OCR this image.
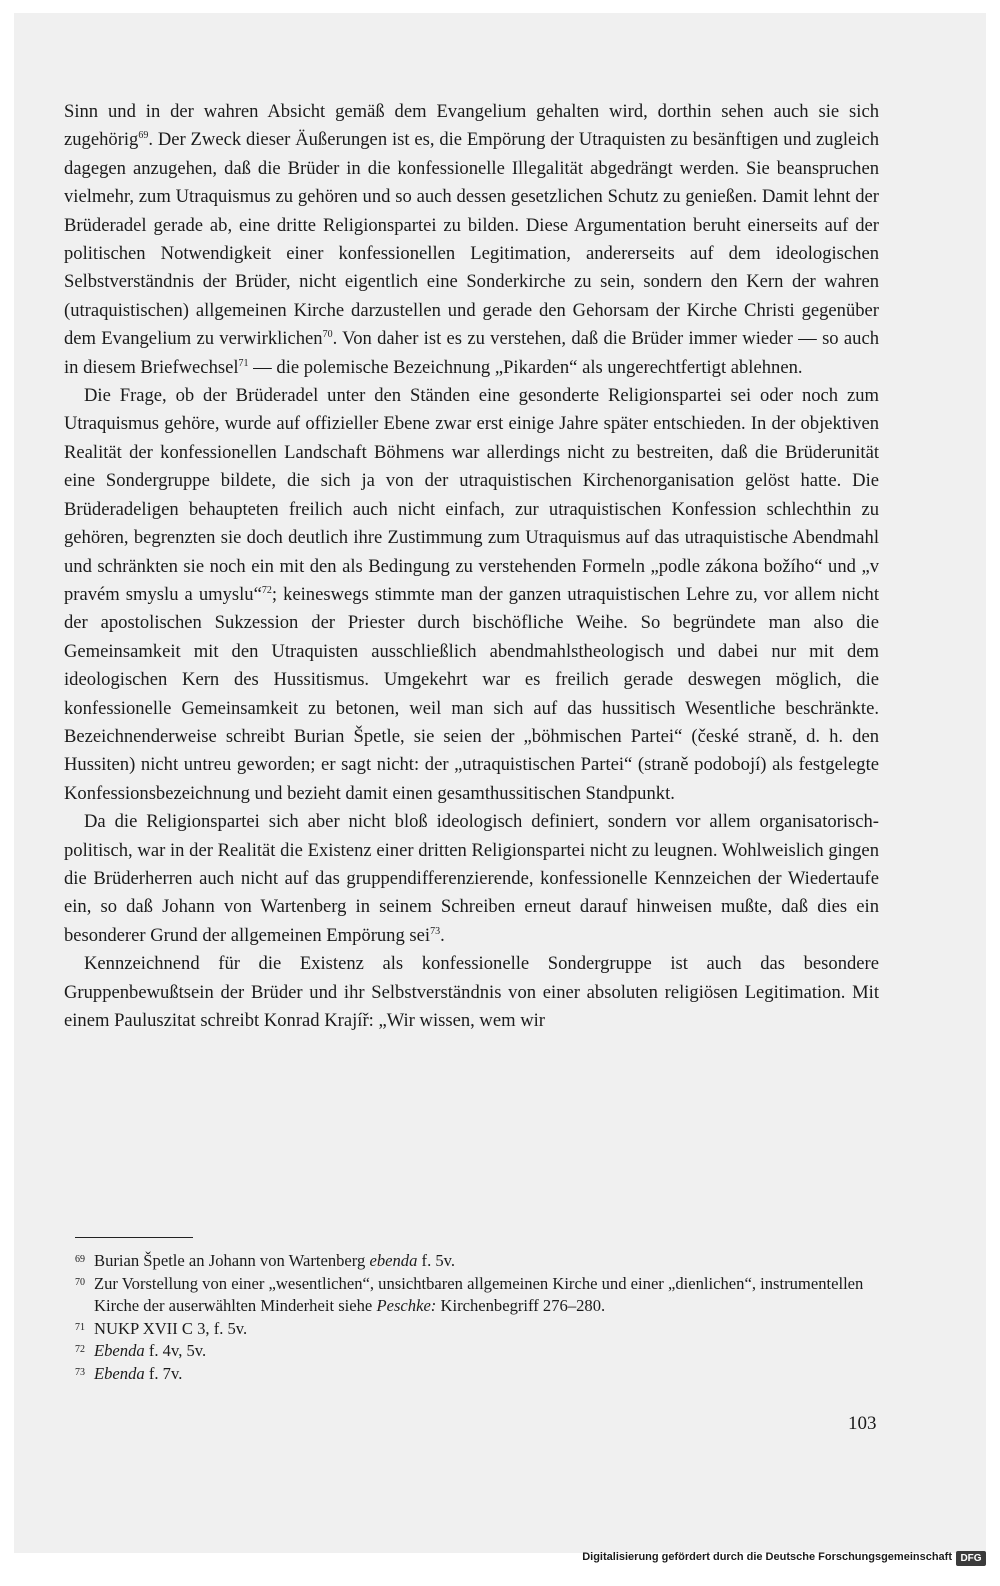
Sinn und in der wahren Absicht gemäß dem Evangelium gehalten wird, dorthin sehen auch sie sich zugehörig$^{69}$. Der Zweck dieser Äußerungen ist es, die Empörung der Utraquisten zu besänftigen und zugleich dagegen anzugehen, daß die Brüder in die konfessionelle Illegalität abgedrängt werden. Sie beanspruchen vielmehr, zum Utraquismus zu gehören und so auch dessen gesetzlichen Schutz zu genießen. Damit lehnt der Brüderadel gerade ab, eine dritte Religionspartei zu bilden. Diese Argumentation beruht einerseits auf der politischen Notwendigkeit einer konfessionellen Legitimation, andererseits auf dem ideologischen Selbstverständnis der Brüder, nicht eigentlich eine Sonderkirche zu sein, sondern den Kern der wahren (utraquistischen) allgemeinen Kirche darzustellen und gerade den Gehorsam der Kirche Christi gegenüber dem Evangelium zu verwirklichen$^{70}$. Von daher ist es zu verstehen, daß die Brüder immer wieder — so auch in diesem Briefwechsel$^{71}$ — die polemische Bezeichnung „Pikarden“ als ungerechtfertigt ablehnen.

Die Frage, ob der Brüderadel unter den Ständen eine gesonderte Religionspartei sei oder noch zum Utraquismus gehöre, wurde auf offizieller Ebene zwar erst einige Jahre später entschieden. In der objektiven Realität der konfessionellen Landschaft Böhmens war allerdings nicht zu bestreiten, daß die Brüderunität eine Sondergruppe bildete, die sich ja von der utraquistischen Kirchenorganisation gelöst hatte. Die Brüderadeligen behaupteten freilich auch nicht einfach, zur utraquistischen Konfession schlechthin zu gehören, begrenzten sie doch deutlich ihre Zustimmung zum Utraquismus auf das utraquistische Abendmahl und schränkten sie noch ein mit den als Bedingung zu verstehenden Formeln „podle zákona božího“ und „v pravém smyslu a umyslu“$^{72}$; keineswegs stimmte man der ganzen utraquistischen Lehre zu, vor allem nicht der apostolischen Sukzession der Priester durch bischöfliche Weihe. So begründete man also die Gemeinsamkeit mit den Utraquisten ausschließlich abendmahlstheologisch und dabei nur mit dem ideologischen Kern des Hussitismus. Umgekehrt war es freilich gerade deswegen möglich, die konfessionelle Gemeinsamkeit zu betonen, weil man sich auf das hussitisch Wesentliche beschränkte. Bezeichnenderweise schreibt Burian Špetle, sie seien der „böhmischen Partei“ (české straně, d. h. den Hussiten) nicht untreu geworden; er sagt nicht: der „utraquistischen Partei“ (straně podobojí) als festgelegte Konfessionsbezeichnung und bezieht damit einen gesamthussitischen Standpunkt.

Da die Religionspartei sich aber nicht bloß ideologisch definiert, sondern vor allem organisatorisch-politisch, war in der Realität die Existenz einer dritten Religionspartei nicht zu leugnen. Wohlweislich gingen die Brüderherren auch nicht auf das gruppendifferenzierende, konfessionelle Kennzeichen der Wiedertaufe ein, so daß Johann von Wartenberg in seinem Schreiben erneut darauf hinweisen mußte, daß dies ein besonderer Grund der allgemeinen Empörung sei$^{73}$.

Kennzeichnend für die Existenz als konfessionelle Sondergruppe ist auch das besondere Gruppenbewußtsein der Brüder und ihr Selbstverständnis von einer absoluten religiösen Legitimation. Mit einem Pauluszitat schreibt Konrad Krajíř: „Wir wissen, wem wir

69 Burian Špetle an Johann von Wartenberg ebenda f. 5v.
70 Zur Vorstellung von einer „wesentlichen“, unsichtbaren allgemeinen Kirche und einer „dienlichen“, instrumentellen Kirche der auserwählten Minderheit siehe Peschke: Kirchenbegriff 276–280.
71 NUKP XVII C 3, f. 5v.
72 Ebenda f. 4v, 5v.
73 Ebenda f. 7v.
103
Digitalisierung gefördert durch die Deutsche Forschungsgemeinschaft DFG
